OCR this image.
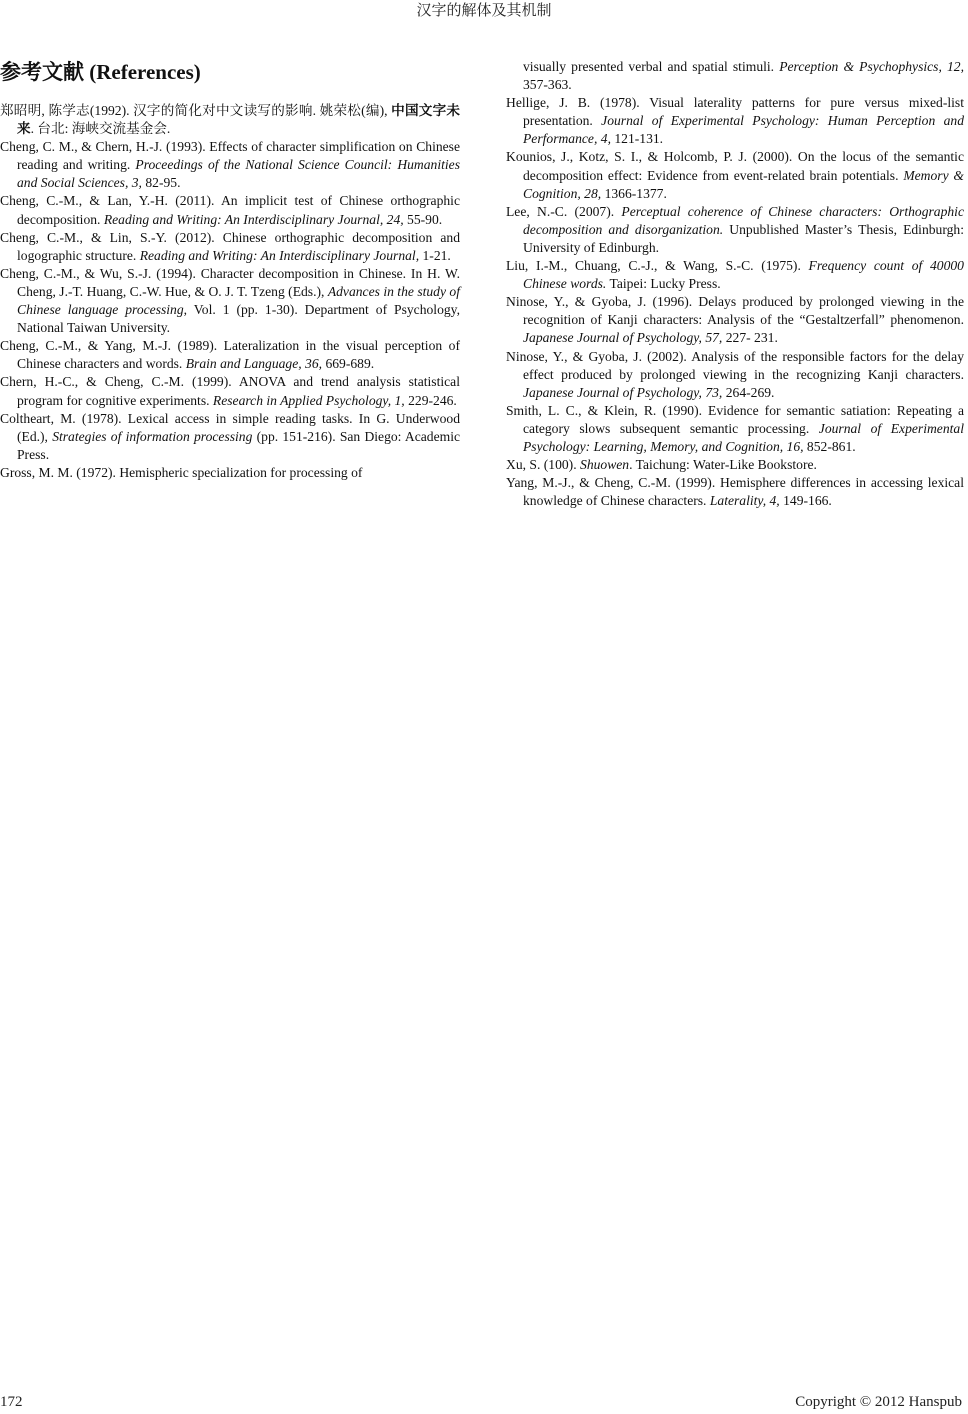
汉字的解体及其机制
参考文献 (References)

郑昭明, 陈学志(1992). 汉字的简化对中文读写的影响. 姚荣松(编), 中国文字未来. 台北: 海峡交流基金会.

Cheng, C. M., & Chern, H.-J. (1993). Effects of character simplification on Chinese reading and writing. Proceedings of the National Science Council: Humanities and Social Sciences, 3, 82-95.

Cheng, C.-M., & Lan, Y.-H. (2011). An implicit test of Chinese orthographic decomposition. Reading and Writing: An Interdisciplinary Journal, 24, 55-90.

Cheng, C.-M., & Lin, S.-Y. (2012). Chinese orthographic decomposition and logographic structure. Reading and Writing: An Interdisciplinary Journal, 1-21.

Cheng, C.-M., & Wu, S.-J. (1994). Character decomposition in Chinese. In H. W. Cheng, J.-T. Huang, C.-W. Hue, & O. J. T. Tzeng (Eds.), Advances in the study of Chinese language processing, Vol. 1 (pp. 1-30). Department of Psychology, National Taiwan University.

Cheng, C.-M., & Yang, M.-J. (1989). Lateralization in the visual perception of Chinese characters and words. Brain and Language, 36, 669-689.

Chern, H.-C., & Cheng, C.-M. (1999). ANOVA and trend analysis statistical program for cognitive experiments. Research in Applied Psychology, 1, 229-246.

Coltheart, M. (1978). Lexical access in simple reading tasks. In G. Underwood (Ed.), Strategies of information processing (pp. 151-216). San Diego: Academic Press.

Gross, M. M. (1972). Hemispheric specialization for processing of

visually presented verbal and spatial stimuli. Perception & Psychophysics, 12, 357-363.

Hellige, J. B. (1978). Visual laterality patterns for pure versus mixed-list presentation. Journal of Experimental Psychology: Human Perception and Performance, 4, 121-131.

Kounios, J., Kotz, S. I., & Holcomb, P. J. (2000). On the locus of the semantic decomposition effect: Evidence from event-related brain potentials. Memory & Cognition, 28, 1366-1377.

Lee, N.-C. (2007). Perceptual coherence of Chinese characters: Orthographic decomposition and disorganization. Unpublished Master’s Thesis, Edinburgh: University of Edinburgh.

Liu, I.-M., Chuang, C.-J., & Wang, S.-C. (1975). Frequency count of 40000 Chinese words. Taipei: Lucky Press.

Ninose, Y., & Gyoba, J. (1996). Delays produced by prolonged viewing in the recognition of Kanji characters: Analysis of the “Gestaltzerfall” phenomenon. Japanese Journal of Psychology, 57, 227- 231.

Ninose, Y., & Gyoba, J. (2002). Analysis of the responsible factors for the delay effect produced by prolonged viewing in the recognizing Kanji characters. Japanese Journal of Psychology, 73, 264-269.

Smith, L. C., & Klein, R. (1990). Evidence for semantic satiation: Repeating a category slows subsequent semantic processing. Journal of Experimental Psychology: Learning, Memory, and Cognition, 16, 852-861.

Xu, S. (100). Shuowen. Taichung: Water-Like Bookstore.

Yang, M.-J., & Cheng, C.-M. (1999). Hemisphere differences in accessing lexical knowledge of Chinese characters. Laterality, 4, 149-166.

172	Copyright © 2012 Hanspub
